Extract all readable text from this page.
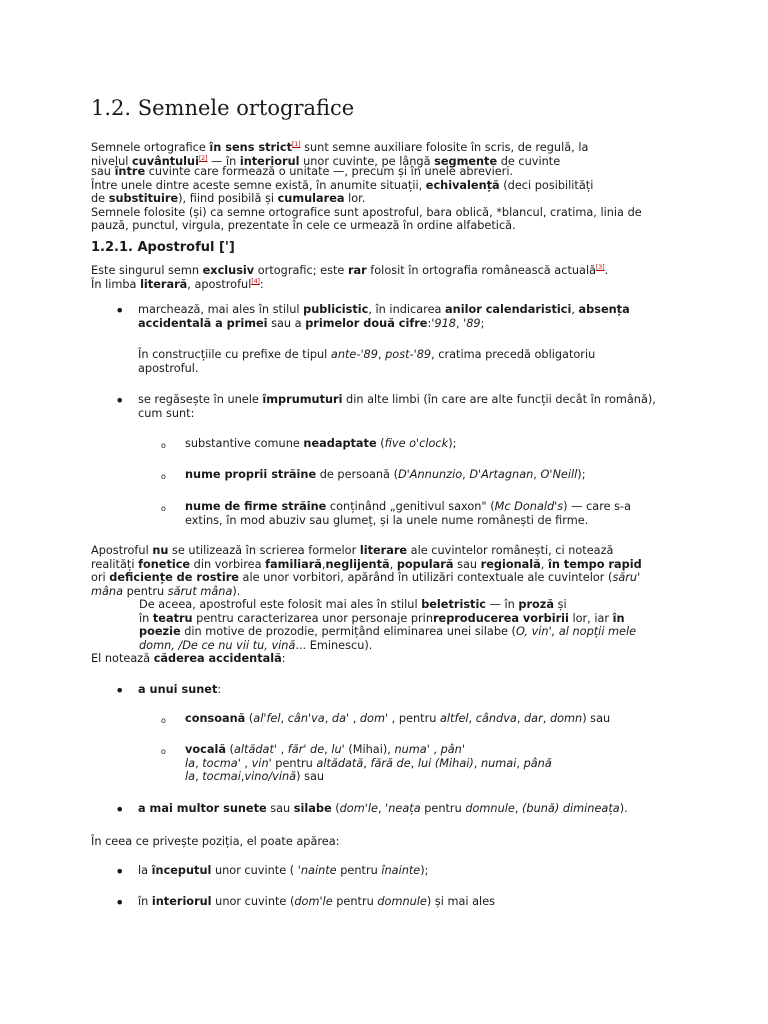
1.2. Semnele ortografice
Semnele ortografice în sens strict[1] sunt semne auxiliare folosite în scris, de regulă, la
nivelul cuvântului[2] — în interiorul unor cuvinte, pe lângă segmente de cuvinte
sau între cuvinte care formează o unitate —, precum și în unele abrevieri.
Între unele dintre aceste semne există, în anumite situații, echivalență (deci posibilități
de substituire), fiind posibilă și cumularea lor.
Semnele folosite (și) ca semne ortografice sunt apostroful, bara oblică, *blancul, cratima, linia de
pauză, punctul, virgula, prezentate în cele ce urmează în ordine alfabetică.
1.2.1. Apostroful [']
Este singurul semn exclusiv ortografic; este rar folosit în ortografia românească actuală[3].
În limba literară, apostroful[4]:
• marchează, mai ales în stilul publicistic, în indicarea anilor calendaristici, absența
accidentală a primei sau a primelor două cifre:'918, '89;
În construcțiile cu prefixe de tipul ante-'89, post-'89, cratima precedă obligatoriu
apostroful.
• se regăsește în unele împrumuturi din alte limbi (în care are alte funcții decât în română),
cum sunt:
o substantive comune neadaptate (five o'clock);
o nume proprii străine de persoană (D'Annunzio, D'Artagnan, O'Neill);
o nume de firme străine conținând „genitivul saxon" (Mc Donald's) — care s-a
extins, în mod abuziv sau glumeț, și la unele nume românești de firme.
Apostroful nu se utilizează în scrierea formelor literare ale cuvintelor românești, ci notează
realități fonetice din vorbirea familiară,neglijentă, populară sau regională, în tempo rapid
ori deficiențe de rostire ale unor vorbitori, apărând în utilizări contextuale ale cuvintelor (săru'
mâna pentru sărut mâna).
De aceea, apostroful este folosit mai ales în stilul beletristic — în proză și
în teatru pentru caracterizarea unor personaje prinreproducerea vorbirii lor, iar în
poezie din motive de prozodie, permițând eliminarea unei silabe (O, vin', al nopții mele
domn, /De ce nu vii tu, vină... Eminescu).
El notează căderea accidentală:
• a unui sunet:
o consoană (al'fel, cân'va, da' , dom' , pentru altfel, cândva, dar, domn) sau
o vocală (altădat' , făr' de, lu' (Mihai), numa' , pân'
la, tocma' , vin' pentru altădată, fără de, lui (Mihai), numai, până
la, tocmai,vino/vină) sau
• a mai multor sunete sau silabe (dom'le, 'neața pentru domnule, (bună) dimineața).
În ceea ce privește poziția, el poate apărea:
• la începutul unor cuvinte ( 'nainte pentru înainte);
• în interiorul unor cuvinte (dom'le pentru domnule) și mai ales
